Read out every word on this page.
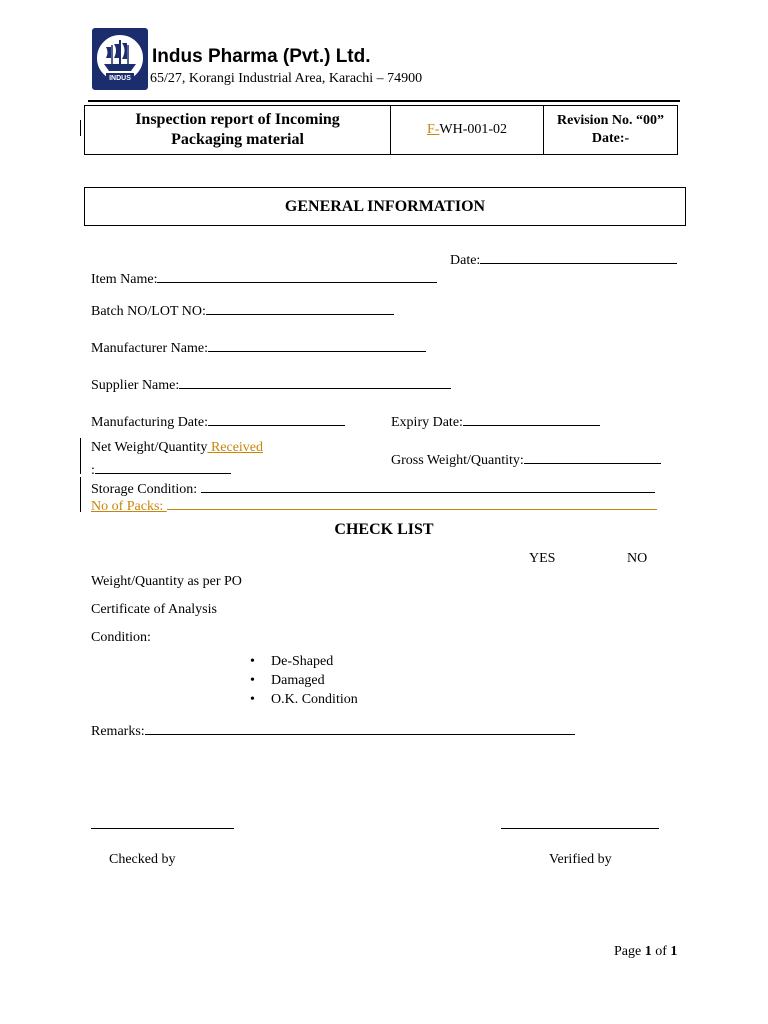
INDUS
Indus Pharma (Pvt.) Ltd.
65/27, Korangi Industrial Area, Karachi – 74900
Inspection report of Incoming
Packaging material
	F-WH-001-02	
Revision No. “00”
Date:-
GENERAL INFORMATION
Date:
Item Name:
Batch NO/LOT NO:
Manufacturer Name:
Supplier Name:
Manufacturing Date:	Expiry Date:
Net Weight/Quantity Received
:
Gross Weight/Quantity:
Storage Condition:
No of Packs:
CHECK LIST
YES	NO
Weight/Quantity as per PO
Certificate of Analysis
Condition:
• De-Shaped
• Damaged
• O.K. Condition
Remarks:
Checked by	Verified by
Page 1 of 1
